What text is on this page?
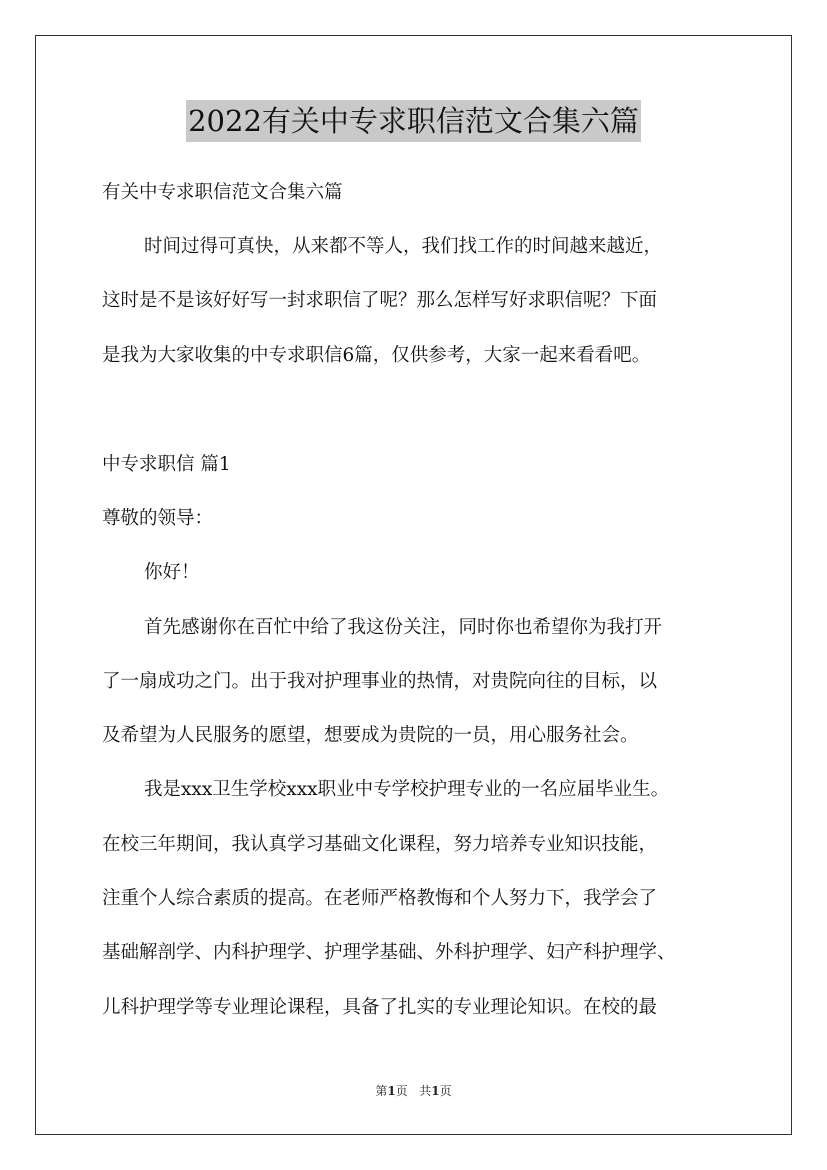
2022有关中专求职信范文合集六篇
有关中专求职信范文合集六篇
时间过得可真快，从来都不等人，我们找工作的时间越来越近，
这时是不是该好好写一封求职信了呢？那么怎样写好求职信呢？下面
是我为大家收集的中专求职信6篇，仅供参考，大家一起来看看吧。
中专求职信 篇1
尊敬的领导：
你好！
首先感谢你在百忙中给了我这份关注，同时你也希望你为我打开
了一扇成功之门。出于我对护理事业的热情，对贵院向往的目标，以
及希望为人民服务的愿望，想要成为贵院的一员，用心服务社会。
我是xxx卫生学校xxx职业中专学校护理专业的一名应届毕业生。
在校三年期间，我认真学习基础文化课程，努力培养专业知识技能，
注重个人综合素质的提高。在老师严格教悔和个人努力下，我学会了
基础解剖学、内科护理学、护理学基础、外科护理学、妇产科护理学、
儿科护理学等专业理论课程，具备了扎实的专业理论知识。在校的最
第1页 共1页
